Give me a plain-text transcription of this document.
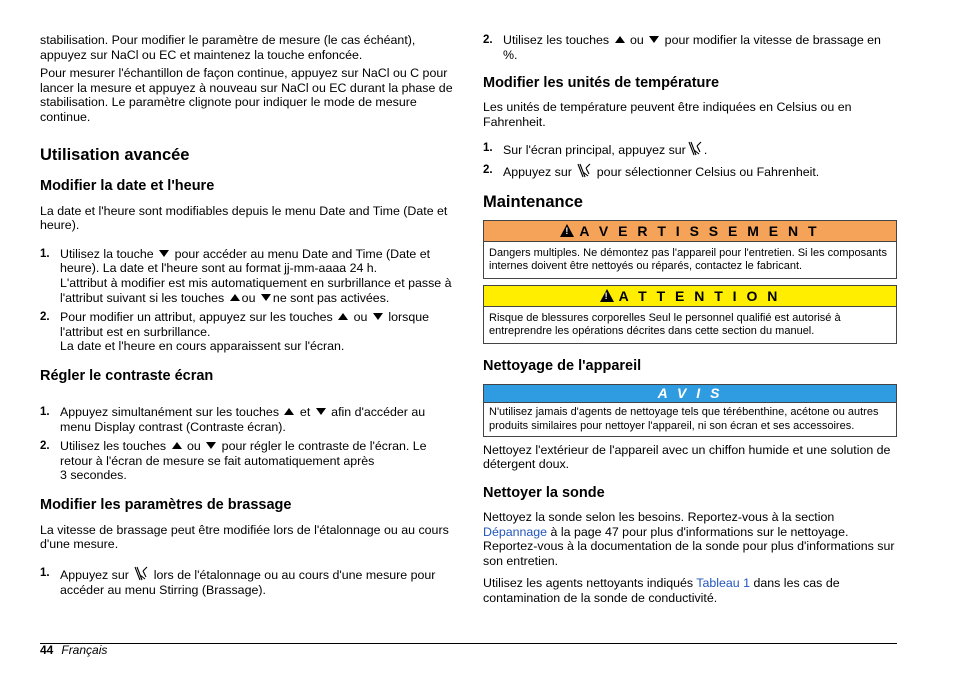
stabilisation. Pour modifier le paramètre de mesure (le cas échéant), appuyez sur NaCl ou EC et maintenez la touche enfoncée.

Pour mesurer l'échantillon de façon continue, appuyez sur NaCl ou C pour lancer la mesure et appuyez à nouveau sur NaCl ou EC durant la phase de stabilisation. Le paramètre clignote pour indiquer le mode de mesure continue.

Utilisation avancée
Modifier la date et l'heure

La date et l'heure sont modifiables depuis le menu Date and Time (Date et heure).

1. Utilisez la touche pour accéder au menu Date and Time (Date et heure). La date et l'heure sont au format jj-mm-aaaa 24 h.
L'attribut à modifier est mis automatiquement en surbrillance et passe à l'attribut suivant si les touches ou ne sont pas activées.
2. Pour modifier un attribut, appuyez sur les touches ou lorsque l'attribut est en surbrillance.
La date et l'heure en cours apparaissent sur l'écran.
Régler le contraste écran
1. Appuyez simultanément sur les touches et afin d'accéder au menu Display contrast (Contraste écran).
2. Utilisez les touches ou pour régler le contraste de l'écran. Le retour à l'écran de mesure se fait automatiquement après
3 secondes.
Modifier les paramètres de brassage

La vitesse de brassage peut être modifiée lors de l'étalonnage ou au cours d'une mesure.

1. Appuyez sur lors de l'étalonnage ou au cours d'une mesure pour accéder au menu Stirring (Brassage).
2. Utilisez les touches ou pour modifier la vitesse de brassage en %.
Modifier les unités de température

Les unités de température peuvent être indiquées en Celsius ou en Fahrenheit.

1. Sur l'écran principal, appuyez sur .
2. Appuyez sur pour sélectionner Celsius ou Fahrenheit.
Maintenance
!A V E R T I S S E M E N T
Dangers multiples. Ne démontez pas l'appareil pour l'entretien. Si les composants internes doivent être nettoyés ou réparés, contactez le fabricant.
!A T T E N T I O N
Risque de blessures corporelles Seul le personnel qualifié est autorisé à entreprendre les opérations décrites dans cette section du manuel.
Nettoyage de l'appareil
A V I S
N'utilisez jamais d'agents de nettoyage tels que térébenthine, acétone ou autres produits similaires pour nettoyer l'appareil, ni son écran et ses accessoires.

Nettoyez l'extérieur de l'appareil avec un chiffon humide et une solution de détergent doux.

Nettoyer la sonde

Nettoyez la sonde selon les besoins. Reportez-vous à la section
Dépannage à la page 47 pour plus d'informations sur le nettoyage. Reportez-vous à la documentation de la sonde pour plus d'informations sur son entretien.

Utilisez les agents nettoyants indiqués Tableau 1 dans les cas de contamination de la sonde de conductivité.

44 Français
